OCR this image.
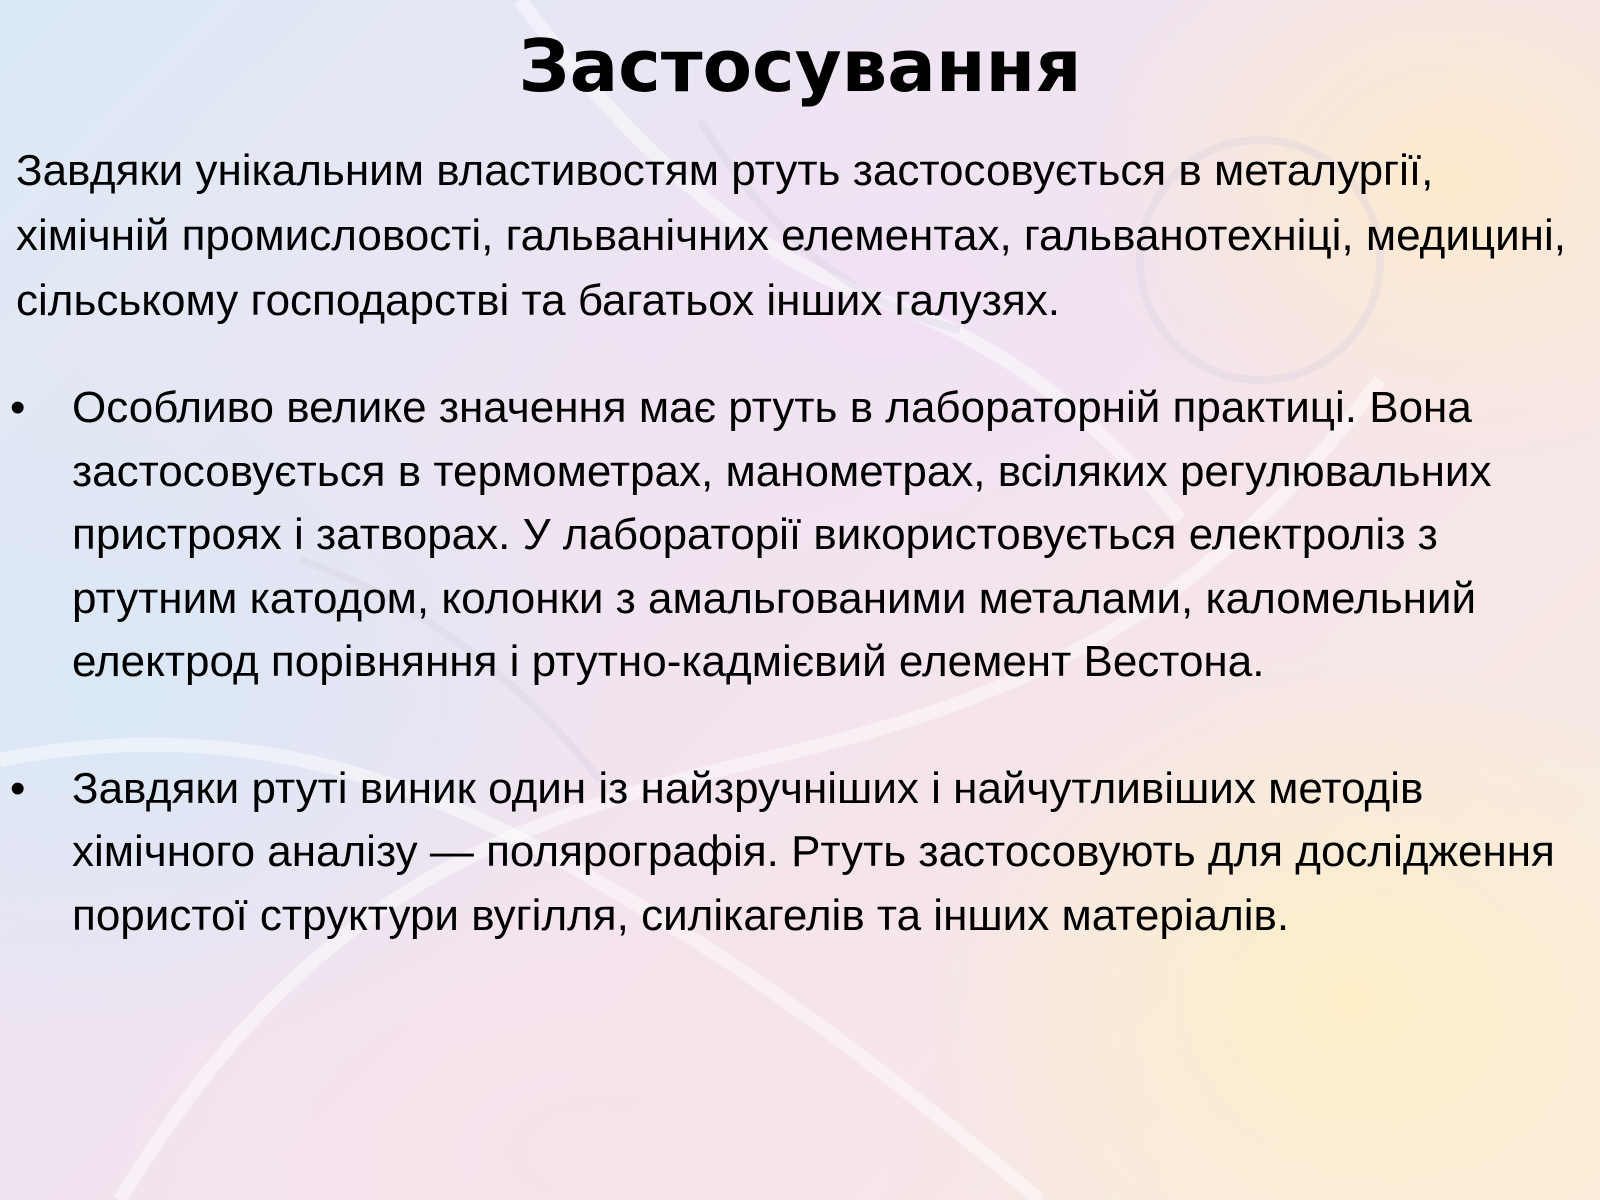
Застосування

Завдяки унікальним властивостям ртуть застосовується в металургії, хімічній промисловості, гальванічних елементах, гальванотехніці, медицині, сільському господарстві та багатьох інших галузях.

• Особливо велике значення має ртуть в лабораторній практиці. Вона застосовується в термометрах, манометрах, всіляких регулювальних пристроях і затворах. У лабораторії використовується електроліз з ртутним катодом, колонки з амальгованими металами, каломельний електрод порівняння і ртутно-кадмієвий елемент Вестона.
• Завдяки ртуті виник один із найзручніших і найчутливіших методів хімічного аналізу — полярографія. Ртуть застосовують для дослідження пористої структури вугілля, силікагелів та інших матеріалів.
